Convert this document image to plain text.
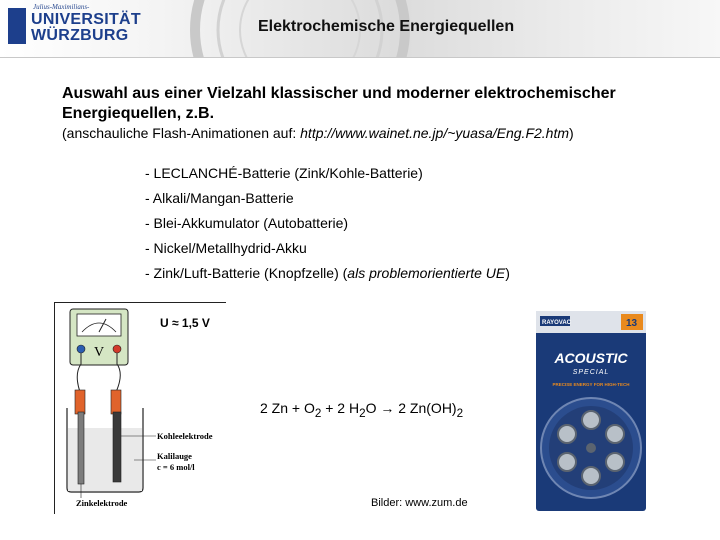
Julius-Maximilians-
UNIVERSITÄT
WÜRZBURG
Elektrochemische Energiequellen
Auswahl aus einer Vielzahl klassischer und moderner elektrochemischer Energiequellen, z.B.
(anschauliche Flash-Animationen auf: http://www.wainet.ne.jp/~yuasa/Eng.F2.htm)
- LECLANCHÉ-Batterie (Zink/Kohle-Batterie)
- Alkali/Mangan-Batterie
- Blei-Akkumulator (Autobatterie)
- Nickel/Metallhydrid-Akku
- Zink/Luft-Batterie (Knopfzelle) (als problemorientierte UE)
V
Kohleelektrode
Kalilauge
c = 6 mol/l
Zinkelektrode
U ≈ 1,5 V
2 $Zn + O_2 + 2$ $H_2O \to 2$ $Zn(OH)_2$
RAYOVAC	13
ACOUSTIC
SPECIAL
PRECISE ENERGY FOR HIGH-TECH
Bilder: www.zum.de
